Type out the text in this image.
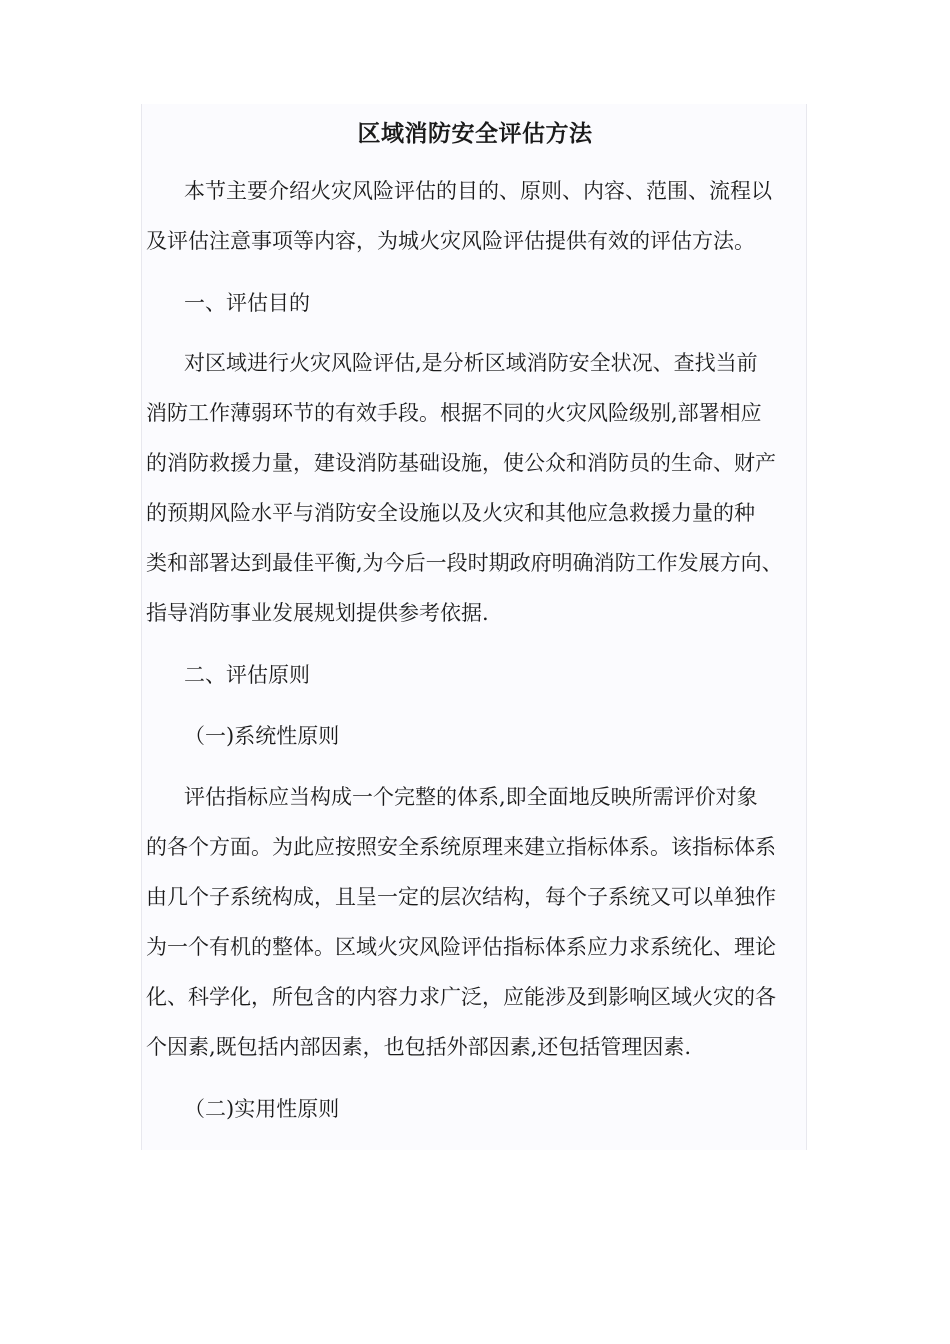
区域消防安全评估方法
本节主要介绍火灾风险评估的目的、原则、内容、范围、流程以
及评估注意事项等内容，为城火灾风险评估提供有效的评估方法。

一、评估目的

对区域进行火灾风险评估,是分析区域消防安全状况、查找当前
消防工作薄弱环节的有效手段。根据不同的火灾风险级别,部署相应
的消防救援力量，建设消防基础设施，使公众和消防员的生命、财产
的预期风险水平与消防安全设施以及火灾和其他应急救援力量的种
类和部署达到最佳平衡,为今后一段时期政府明确消防工作发展方向、
指导消防事业发展规划提供参考依据.

二、评估原则

（一)系统性原则

评估指标应当构成一个完整的体系,即全面地反映所需评价对象
的各个方面。为此应按照安全系统原理来建立指标体系。该指标体系
由几个子系统构成，且呈一定的层次结构，每个子系统又可以单独作
为一个有机的整体。区域火灾风险评估指标体系应力求系统化、理论
化、科学化，所包含的内容力求广泛，应能涉及到影响区域火灾的各
个因素,既包括内部因素，也包括外部因素,还包括管理因素.

（二)实用性原则
